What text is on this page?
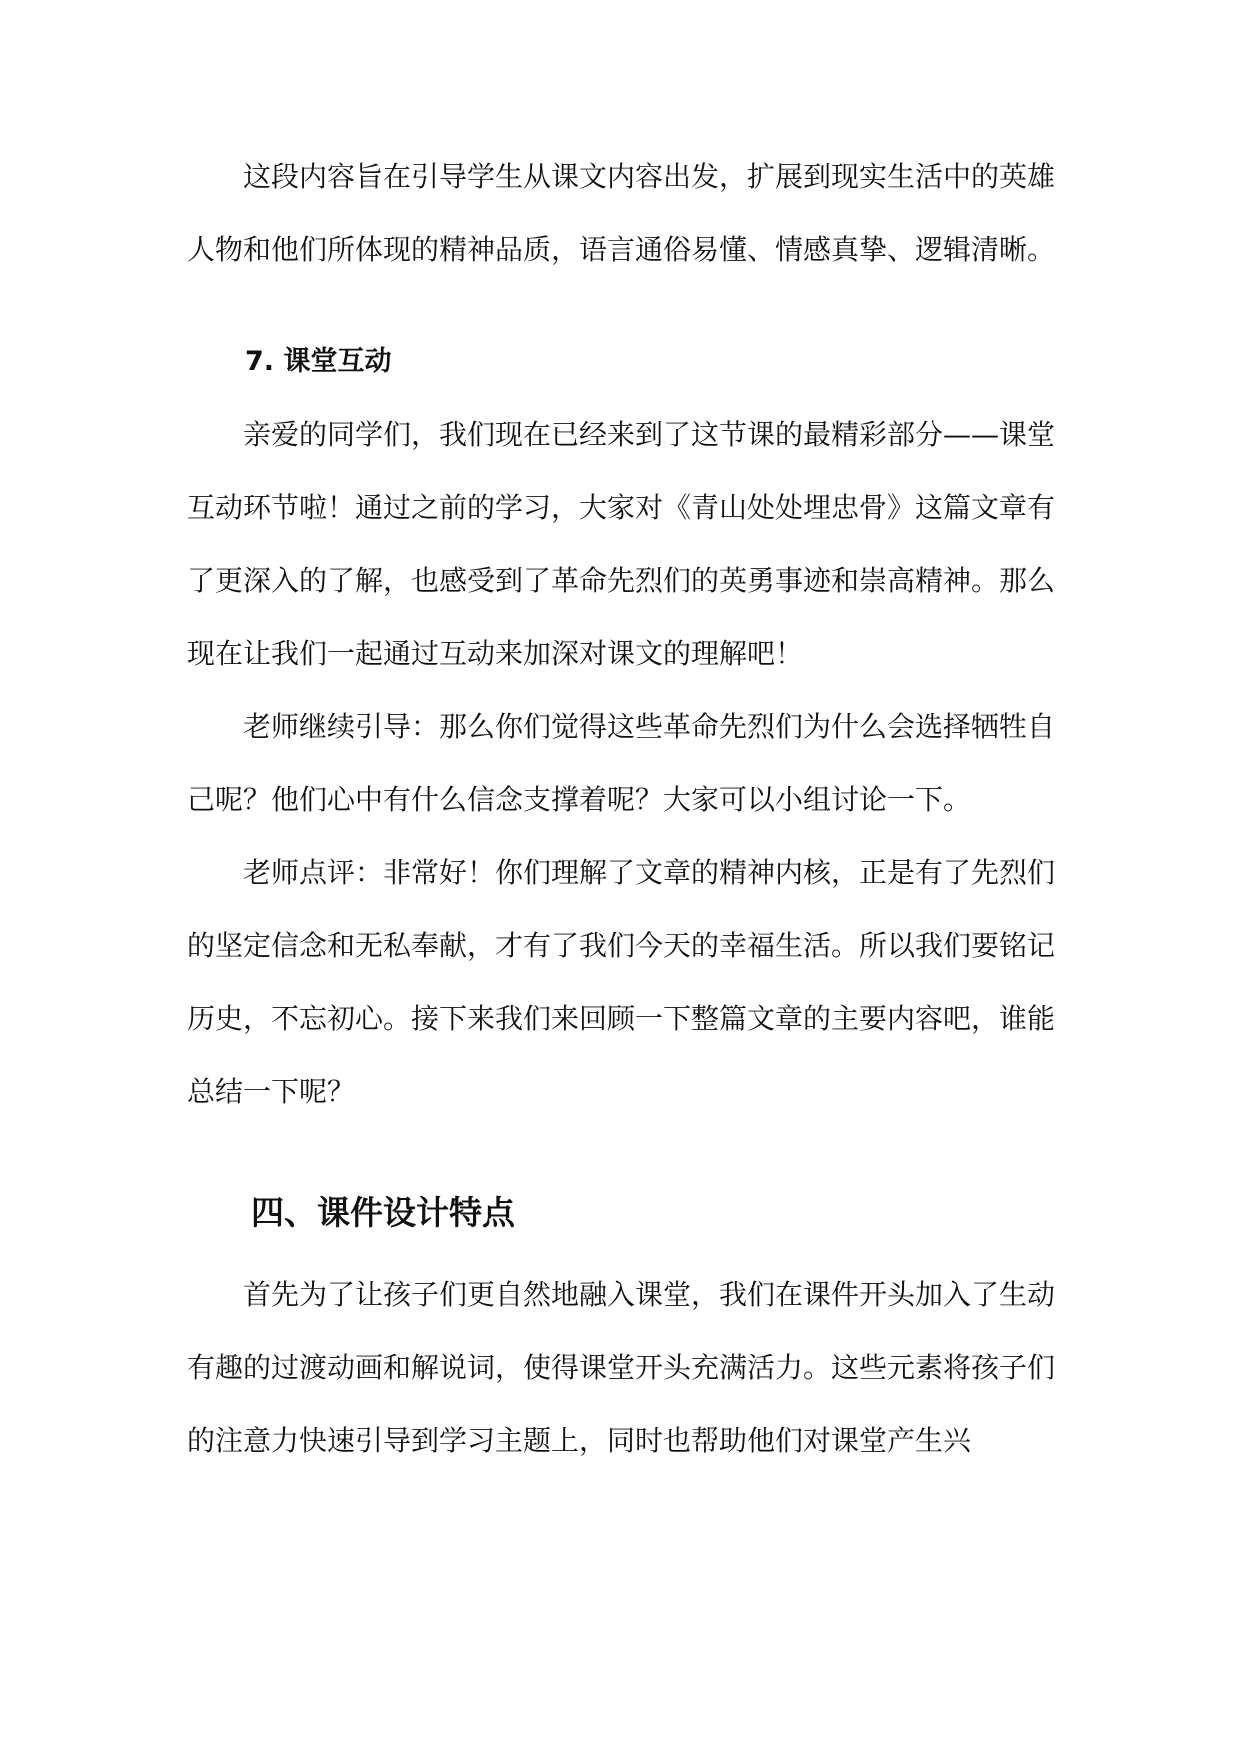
这段内容旨在引导学生从课文内容出发，扩展到现实生活中的英雄人物和他们所体现的精神品质，语言通俗易懂、情感真挚、逻辑清晰。

7. 课堂互动

亲爱的同学们，我们现在已经来到了这节课的最精彩部分——课堂互动环节啦！通过之前的学习，大家对《青山处处埋忠骨》这篇文章有了更深入的了解，也感受到了革命先烈们的英勇事迹和崇高精神。那么现在让我们一起通过互动来加深对课文的理解吧！

老师继续引导：那么你们觉得这些革命先烈们为什么会选择牺牲自己呢？他们心中有什么信念支撑着呢？大家可以小组讨论一下。

老师点评：非常好！你们理解了文章的精神内核，正是有了先烈们的坚定信念和无私奉献，才有了我们今天的幸福生活。所以我们要铭记历史，不忘初心。接下来我们来回顾一下整篇文章的主要内容吧，谁能总结一下呢？

四、课件设计特点

首先为了让孩子们更自然地融入课堂，我们在课件开头加入了生动有趣的过渡动画和解说词，使得课堂开头充满活力。这些元素将孩子们的注意力快速引导到学习主题上，同时也帮助他们对课堂产生兴
